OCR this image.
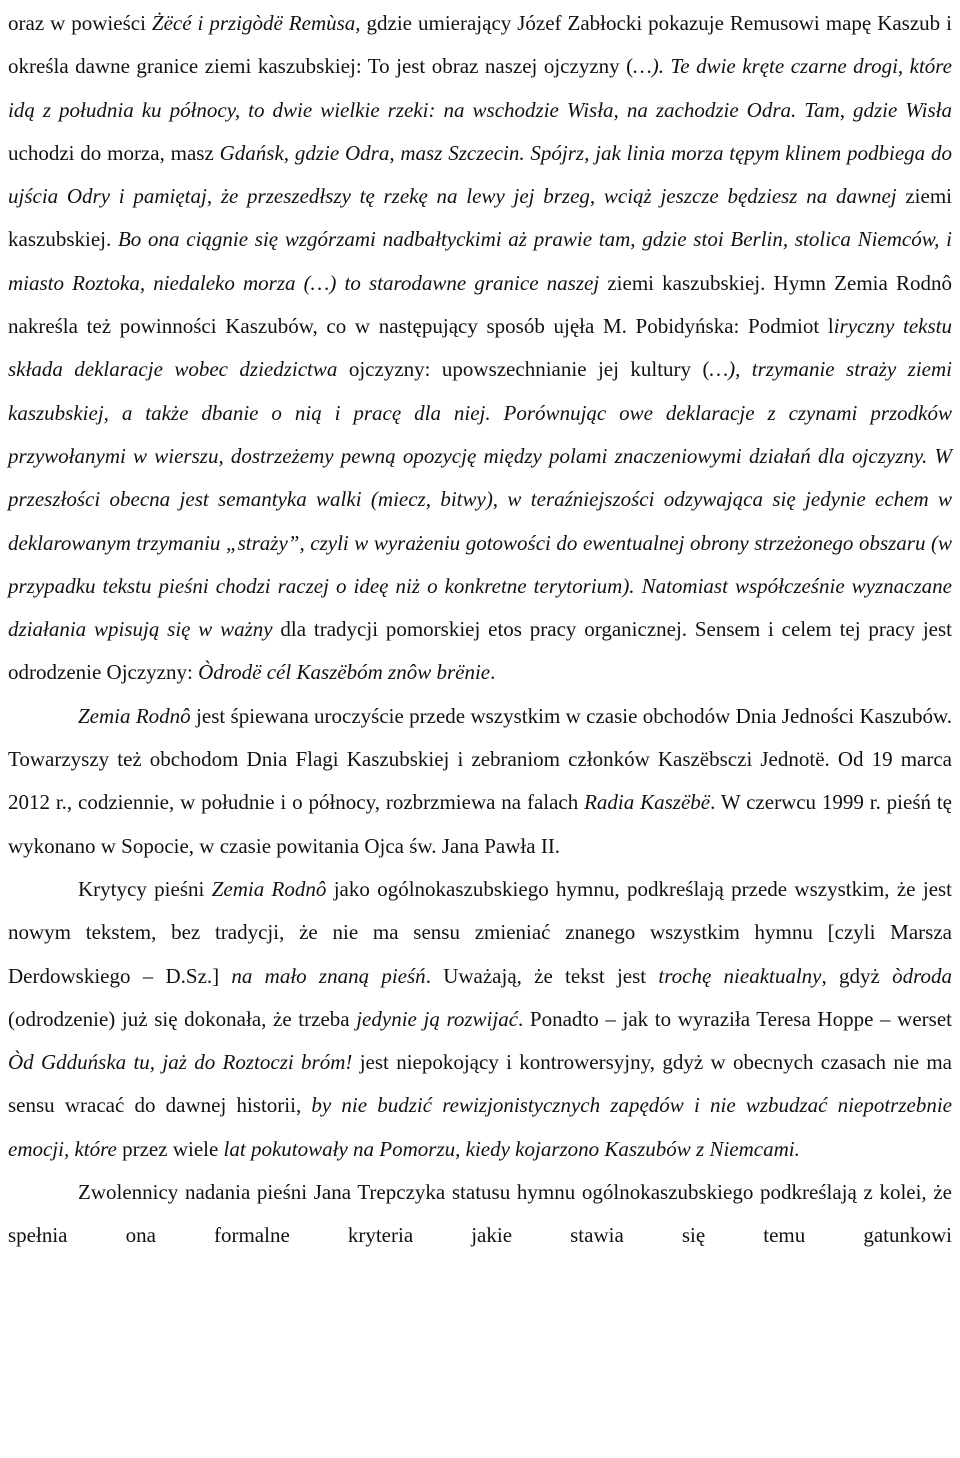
oraz w powieści Żëcé i przigòdë Remùsa, gdzie umierający Józef Zabłocki pokazuje Remusowi mapę Kaszub i określa dawne granice ziemi kaszubskiej: To jest obraz naszej ojczyzny (…). Te dwie kręte czarne drogi, które idą z południa ku północy, to dwie wielkie rzeki: na wschodzie Wisła, na zachodzie Odra. Tam, gdzie Wisła uchodzi do morza, masz Gdańsk, gdzie Odra, masz Szczecin. Spójrz, jak linia morza tępym klinem podbiega do ujścia Odry i pamiętaj, że przeszedłszy tę rzekę na lewy jej brzeg, wciąż jeszcze będziesz na dawnej ziemi kaszubskiej. Bo ona ciągnie się wzgórzami nadbałtyckimi aż prawie tam, gdzie stoi Berlin, stolica Niemców, i miasto Roztoka, niedaleko morza (…) to starodawne granice naszej ziemi kaszubskiej. Hymn Zemia Rodnô nakreśla też powinności Kaszubów, co w następujący sposób ujęła M. Pobidyńska: Podmiot liryczny tekstu składa deklaracje wobec dziedzictwa ojczyzny: upowszechnianie jej kultury (…), trzymanie straży ziemi kaszubskiej, a także dbanie o nią i pracę dla niej. Porównując owe deklaracje z czynami przodków przywołanymi w wierszu, dostrzeżemy pewną opozycję między polami znaczeniowymi działań dla ojczyzny. W przeszłości obecna jest semantyka walki (miecz, bitwy), w teraźniejszości odzywająca się jedynie echem w deklarowanym trzymaniu „straży”, czyli w wyrażeniu gotowości do ewentualnej obrony strzeżonego obszaru (w przypadku tekstu pieśni chodzi raczej o ideę niż o konkretne terytorium). Natomiast współcześnie wyznaczane działania wpisują się w ważny dla tradycji pomorskiej etos pracy organicznej. Sensem i celem tej pracy jest odrodzenie Ojczyzny: Òdrodë cél Kaszëbóm znôw brënie.

Zemia Rodnô jest śpiewana uroczyście przede wszystkim w czasie obchodów Dnia Jedności Kaszubów. Towarzyszy też obchodom Dnia Flagi Kaszubskiej i zebraniom członków Kaszëbsczi Jednotë. Od 19 marca 2012 r., codziennie, w południe i o północy, rozbrzmiewa na falach Radia Kaszëbë. W czerwcu 1999 r. pieśń tę wykonano w Sopocie, w czasie powitania Ojca św. Jana Pawła II.

Krytycy pieśni Zemia Rodnô jako ogólnokaszubskiego hymnu, podkreślają przede wszystkim, że jest nowym tekstem, bez tradycji, że nie ma sensu zmieniać znanego wszystkim hymnu [czyli Marsza Derdowskiego – D.Sz.] na mało znaną pieśń. Uważają, że tekst jest trochę nieaktualny, gdyż òdroda (odrodzenie) już się dokonała, że trzeba jedynie ją rozwijać. Ponadto – jak to wyraziła Teresa Hoppe – werset Òd Gdduńska tu, jaż do Roztoczi bróm! jest niepokojący i kontrowersyjny, gdyż w obecnych czasach nie ma sensu wracać do dawnej historii, by nie budzić rewizjonistycznych zapędów i nie wzbudzać niepotrzebnie emocji, które przez wiele lat pokutowały na Pomorzu, kiedy kojarzono Kaszubów z Niemcami.

Zwolennicy nadania pieśni Jana Trepczyka statusu hymnu ogólnokaszubskiego podkreślają z kolei, że spełnia ona formalne kryteria jakie stawia się temu gatunkowi
